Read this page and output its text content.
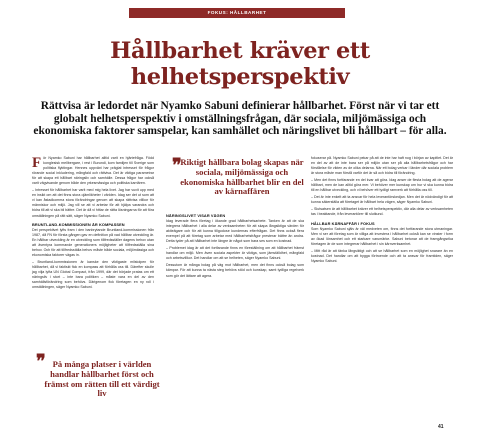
FOKUS: HÅLLBARHET
Hållbarhet kräver ett
helhetsperspektiv
Rättvisa är ledordet när Nyamko Sabuni definierar hållbarhet. Först när vi tar ett globalt helhetsperspektiv i omställningsfrågan, där sociala, miljömässiga och ekonomiska faktorer samspelar, kan samhället och näringslivet bli hållbart – för alla.

För Nyamko Sabuni har hållbarhet alltid varit en hjärtefråga. Född konglesisk mellbergare, i rest i Burundi, kom familjen till Sverige som politiska flyktingar. Hennes uppväxt har präglat intresset för frågor rörande social inkludering, mångfald och rättvisa. Det är viktiga parametrar för att skapa ett hållbart näringsliv och samhälle. Dessa frågor har också varit vägvisande genom både den yrkesmässiga och politiska karriären.

– Intresset för hållbarhet har varit med mig hela livet. Jag har vuxit upp med en insikt om att det finns stora ojämlikheter i världen. Idag ser det ut som att vi kan åstadkomma stora förändringar genom att skapa rättvisa villkor för människor och miljö. Jag vill se att vi arbetar för att hjälpa varandra och bidra till att vi ska bli bättre. Det är då vi hittar de rätta lösningarna för att föra omställningen på rätt sätt, säger Nyamko Sabuni.

BRUNTLAND-KOMMISSIONEN ÄR KOMPASSEN

Det perspektivet lyfts fram i den banbrytande Bruntland-kommissionen från 1987, då FN för första gången gav en definition på vad hållbar utveckling är. En hållbar utveckling är en utveckling som tillfredsställer dagens behov utan att äventyra kommande generationers möjligheter att tillfredsställa sina behov. Och för att tillfredsställa behov måste både sociala, miljömässiga och ekonomiska faktorer vägas in.

– Bruntland-kommissionen är kanske den viktigaste milstolpen för hållbarhet, då vi faktiskt fick en kompass att förhålla oss till. Därefter skulle jag vilja lyfta UN Global Compact, från 1999, där det började pratas om ett näringsliv i stort – inte bara politiken – måste vara en del av den samhällsförändring som behövs. Därigenom fick företagen en ny roll i omställningen, säger Nyamko Sabuni.

❞
Riktigt hållbara bolag skapas när sociala, miljömässiga och ekonomiska hållbarhet blir en del av kärnaffären
NÄRINGSLIVET VISAR VÄGEN

Idag leverade flera företag i ökande grad hållbarhetsarbete. Tanken är att de ska integrera hållbarhet i alla delar av verksamheten för att skapa långsiktiga värden för aktieägare och för att kunna tillgodose kundernas efterfrågan. Det finns också flera exempel på att företag som arbetar med hållbarhetsfrågor presterar bättre än andra. Detta tyder på att hållbarhet inte längre är något som bara ses som en kostnad.

– Problemet idag är att det fortfarande finns en föreställning om att hållbarhet främst handlar om miljö. Men även sociala aspekter är viktiga, som jämställdhet, mångfald och arbetsvillkor. Det handlar om att se helheten, säger Nyamko Sabuni.

Dessutom är många bolag på väg mot hållbarhet, men det finns också bolag som kämpar. För att kunna ta nästa steg behövs stöd och kunskap, samt tydliga regelverk som gör det lättare att agera.

fokuserar på. Nyamko Sabuni pekar på att de inte har haft nog i början av kapitlet. Det är en del av att de inte bara ser på miljön utan ser på alla hållbarhetsfrågor och har förståelse för vikten av de olika delarna. När ett bolag verkar i länder där sociala problem är stora måste man förstå varför det är så och bidra till förändring.

– Men det finns fortfarande en del kvar att göra. Idag anser de flesta bolag att de agerar hållbart, men de kan alltid göra mer. Vi behöver mer kunskap om hur vi ska kunna bidra till en hållbar utveckling, och vi behöver ett tydligt ramverk att förhålla oss till.

– Det är inte enkelt att ta ansvar för hela leverantörskedjan. Men det är nödvändigt för att kunna säkerställa att företaget är hållbart hela vägen, säger Nyamko Sabuni.

– Slutsatsen är att hållbarhet kräver ett helhetsperspektiv, där alla delar av verksamheten tas i beaktande, från leverantörer till slutkund.

HÅLLBAR KÄRNAFFÄR I FOKUS

Som Nyamko Sabuni själv är väl medveten om, finns det fortfarande stora utmaningar. Men vi ser att företag som är villiga att investera i hållbarhet också kan se vinster i form av ökad lönsamhet och ett starkare varumärke. Sabuni betonar att de framgångsrika företagen är de som integrerar hållbarhet i sin kärnverksamhet.

– Mitt råd är att tänka långsiktigt och att se hållbarhet som en möjlighet snarare än en kostnad. Det handlar om att bygga förtroende och att ta ansvar för framtiden, säger Nyamko Sabuni.

❞ På många platser i världen handlar hållbarhet först och främst om rätten till ett värdigt liv
41
